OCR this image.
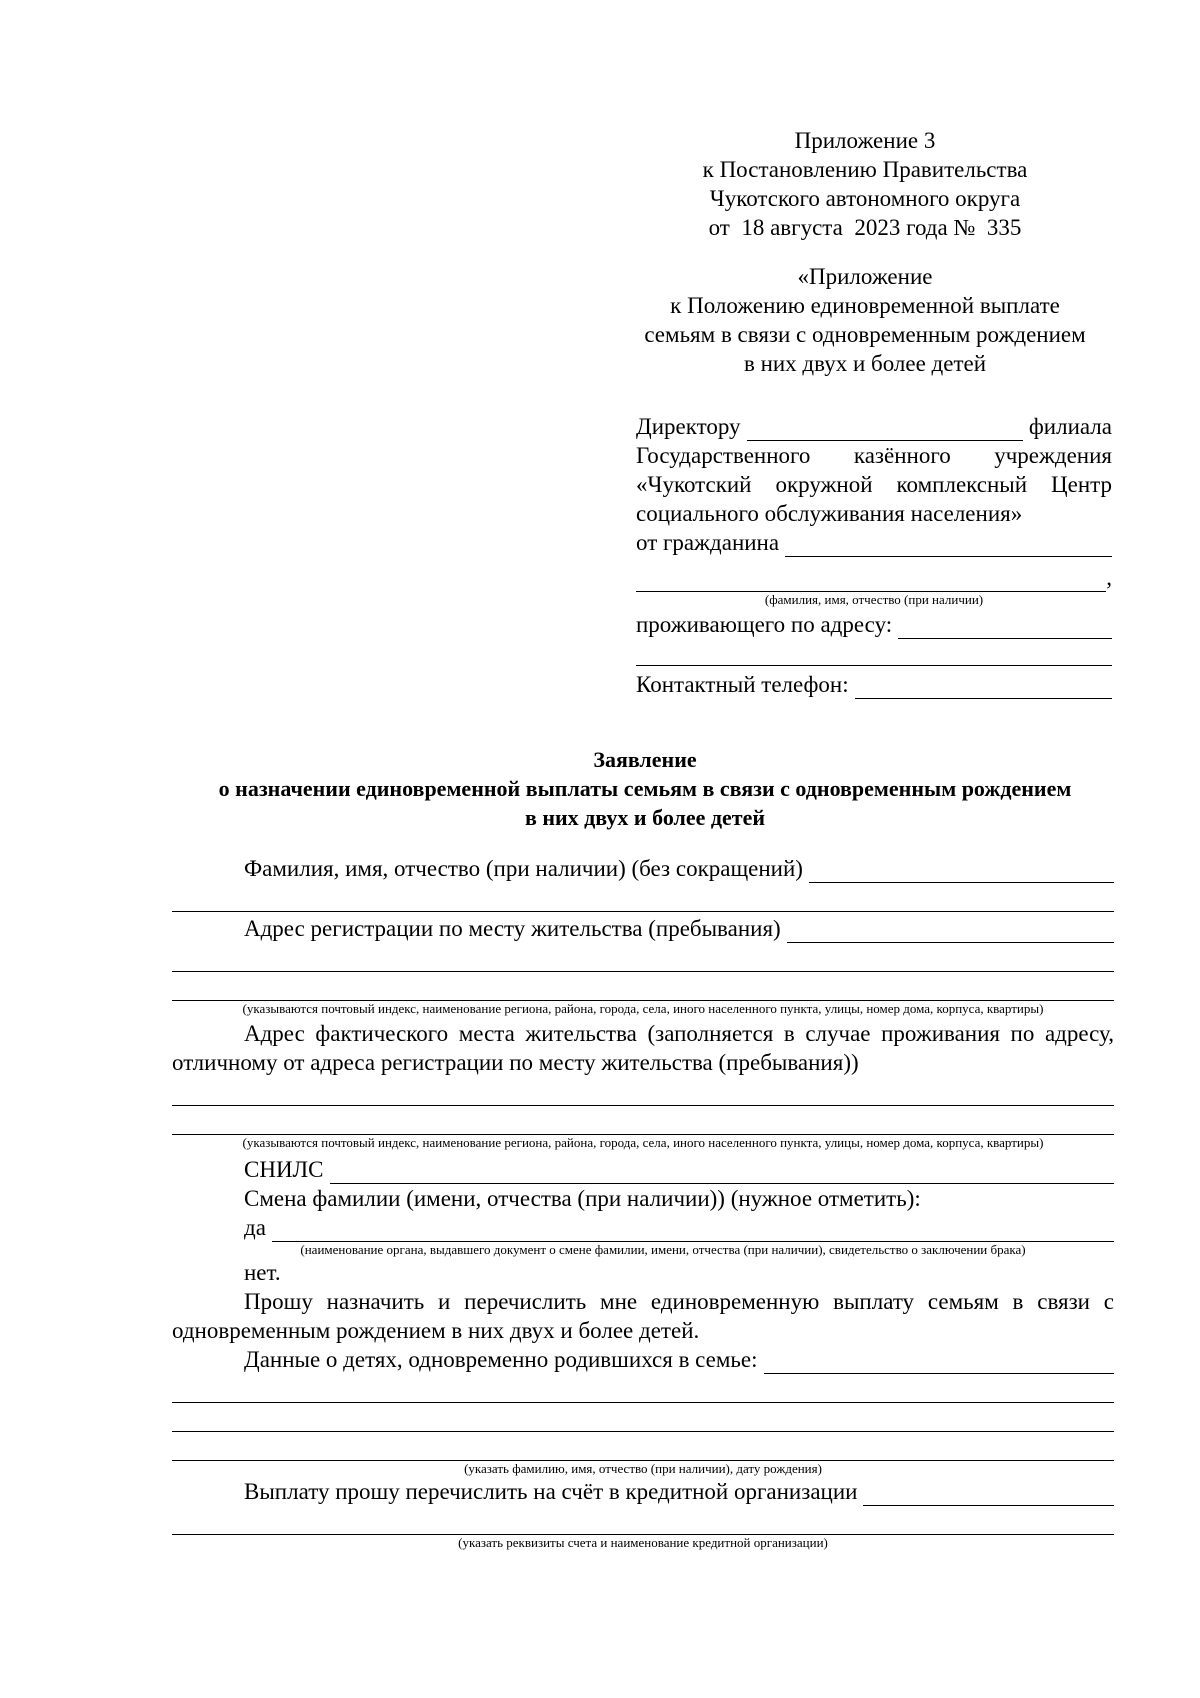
Приложение 3
к Постановлению Правительства
Чукотского автономного округа
от  18 августа  2023 года №  335
«Приложение
к Положению единовременной выплате
семьям в связи с одновременным рождением
в них двух и более детей
Директору	филиала
Государственного казённого учреждения
«Чукотский окружной комплексный Центр
социального обслуживания населения»
от гражданина
,
(фамилия, имя, отчество (при наличии)
проживающего по адресу:
Контактный телефон:
Заявление
о назначении единовременной выплаты семьям в связи с одновременным рождением
в них двух и более детей
Фамилия, имя, отчество (при наличии) (без сокращений)
Адрес регистрации по месту жительства (пребывания)
(указываются почтовый индекс, наименование региона, района, города, села, иного населенного пункта, улицы, номер дома, корпуса, квартиры)
Адрес фактического места жительства (заполняется в случае проживания по адресу, отличному от адреса регистрации по месту жительства (пребывания))
(указываются почтовый индекс, наименование региона, района, города, села, иного населенного пункта, улицы, номер дома, корпуса, квартиры)
СНИЛС
Смена фамилии (имени, отчества (при наличии)) (нужное отметить):
да
(наименование органа, выдавшего документ о смене фамилии, имени, отчества (при наличии), свидетельство о заключении брака)
нет.
Прошу назначить и перечислить мне единовременную выплату семьям в связи с одновременным рождением в них двух и более детей.
Данные о детях, одновременно родившихся в семье:
(указать фамилию, имя, отчество (при наличии), дату рождения)
Выплату прошу перечислить на счёт в кредитной организации
(указать реквизиты счета и наименование кредитной организации)
